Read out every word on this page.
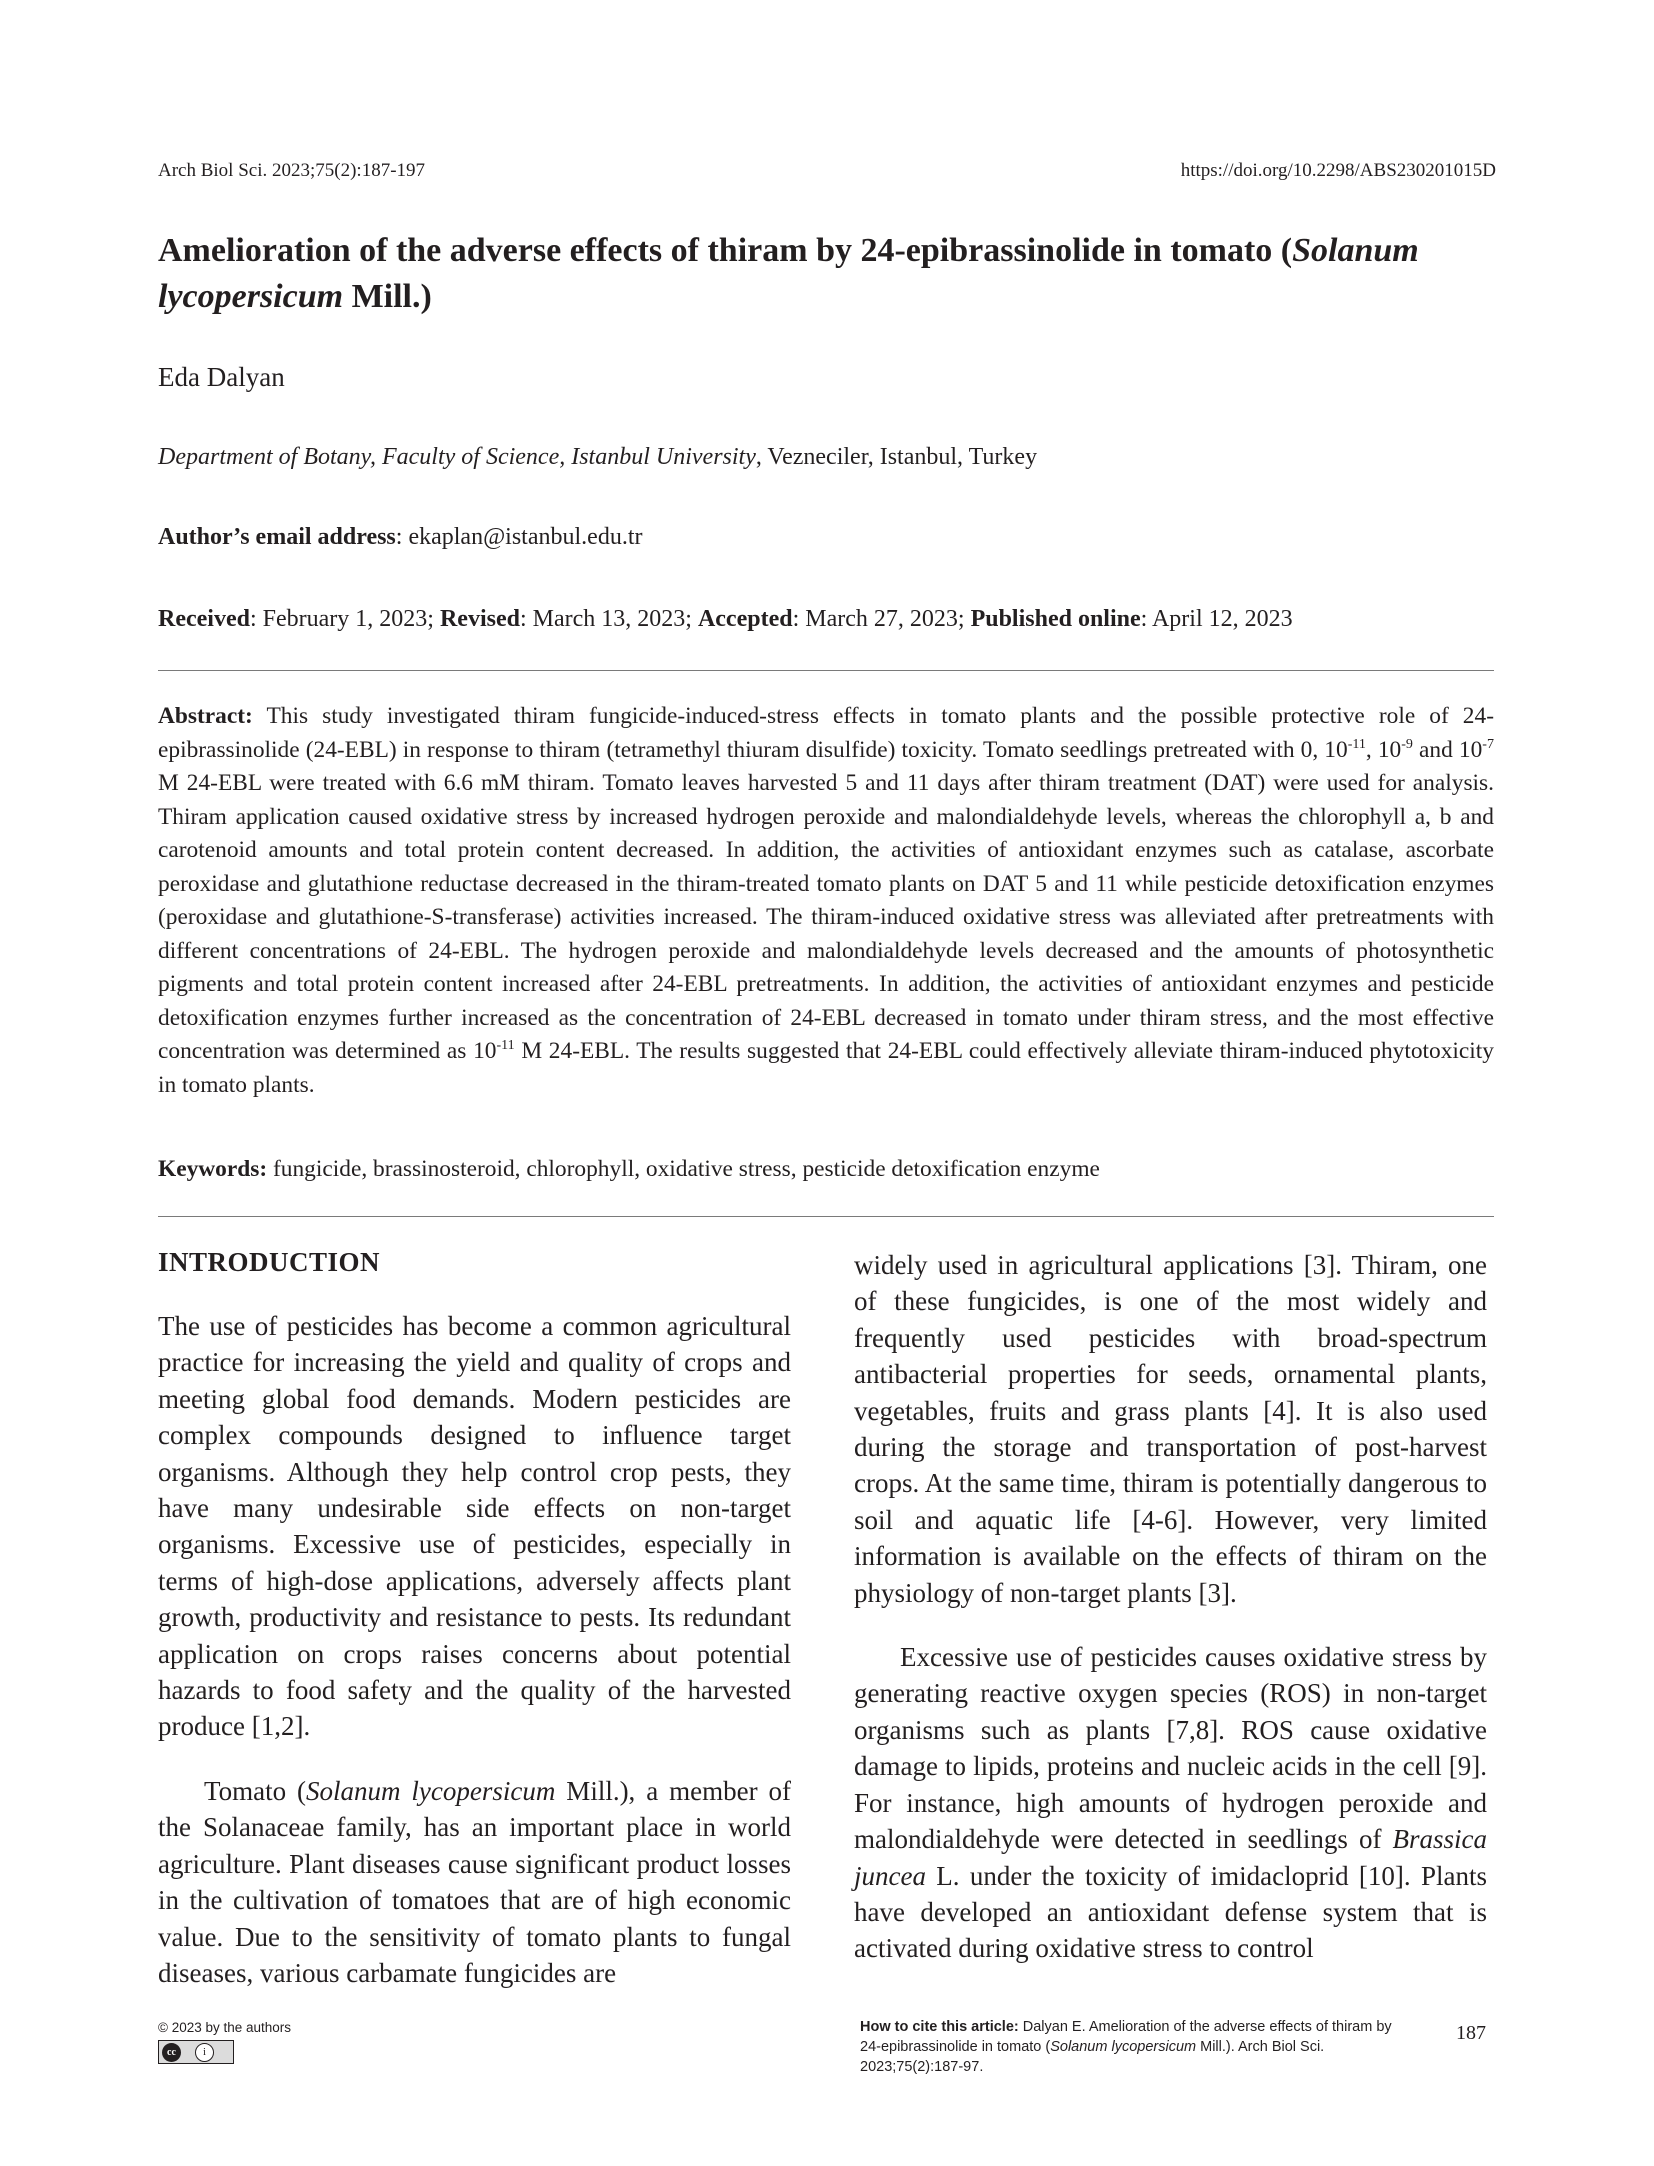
Arch Biol Sci. 2023;75(2):187-197	https://doi.org/10.2298/ABS230201015D
Amelioration of the adverse effects of thiram by 24-epibrassinolide in tomato (Solanum lycopersicum Mill.)
Eda Dalyan
Department of Botany, Faculty of Science, Istanbul University, Vezneciler, Istanbul, Turkey
Author’s email address: ekaplan@istanbul.edu.tr
Received: February 1, 2023; Revised: March 13, 2023; Accepted: March 27, 2023; Published online: April 12, 2023
Abstract: This study investigated thiram fungicide-induced-stress effects in tomato plants and the possible protective role of 24-epibrassinolide (24-EBL) in response to thiram (tetramethyl thiuram disulfide) toxicity. Tomato seedlings pretreated with 0, $10^{-11}$, $10^{-9}$ and $10^{-7}$ M 24-EBL were treated with 6.6 mM thiram. Tomato leaves harvested 5 and 11 days after thiram treatment (DAT) were used for analysis. Thiram application caused oxidative stress by increased hydrogen peroxide and malondialdehyde levels, whereas the chlorophyll a, b and carotenoid amounts and total protein content decreased. In addition, the activities of antioxidant enzymes such as catalase, ascorbate peroxidase and glutathione reductase decreased in the thiram-treated tomato plants on DAT 5 and 11 while pesticide detoxification enzymes (peroxidase and glutathione-S-transferase) activities increased. The thiram-induced oxidative stress was alleviated after pretreatments with different concentrations of 24-EBL. The hydrogen peroxide and malondialdehyde levels decreased and the amounts of photosynthetic pigments and total protein content increased after 24-EBL pretreatments. In addition, the activities of antioxidant enzymes and pesticide detoxification enzymes further increased as the concentration of 24-EBL decreased in tomato under thiram stress, and the most effective concentration was determined as $10^{-11}$ M 24-EBL. The results suggested that 24-EBL could effectively alleviate thiram-induced phytotoxicity in tomato plants.
Keywords: fungicide, brassinosteroid, chlorophyll, oxidative stress, pesticide detoxification enzyme
INTRODUCTION

The use of pesticides has become a common agricultural practice for increasing the yield and quality of crops and meeting global food demands. Modern pesticides are complex compounds designed to influence target organisms. Although they help control crop pests, they have many undesirable side effects on non-target organisms. Excessive use of pesticides, especially in terms of high-dose applications, adversely affects plant growth, productivity and resistance to pests. Its redundant application on crops raises concerns about potential hazards to food safety and the quality of the harvested produce [1,2].

Tomato (Solanum lycopersicum Mill.), a member of the Solanaceae family, has an important place in world agriculture. Plant diseases cause significant product losses in the cultivation of tomatoes that are of high economic value. Due to the sensitivity of tomato plants to fungal diseases, various carbamate fungicides are

widely used in agricultural applications [3]. Thiram, one of these fungicides, is one of the most widely and frequently used pesticides with broad-spectrum antibacterial properties for seeds, ornamental plants, vegetables, fruits and grass plants [4]. It is also used during the storage and transportation of post-harvest crops. At the same time, thiram is potentially dangerous to soil and aquatic life [4-6]. However, very limited information is available on the effects of thiram on the physiology of non-target plants [3].

Excessive use of pesticides causes oxidative stress by generating reactive oxygen species (ROS) in non-target organisms such as plants [7,8]. ROS cause oxidative damage to lipids, proteins and nucleic acids in the cell [9]. For instance, high amounts of hydrogen peroxide and malondialdehyde were detected in seedlings of Brassica juncea L. under the toxicity of imidacloprid [10]. Plants have developed an antioxidant defense system that is activated during oxidative stress to control

© 2023 by the authors
cc	i
How to cite this article: Dalyan E. Amelioration of the adverse effects of thiram by 24-epibrassinolide in tomato (Solanum lycopersicum Mill.). Arch Biol Sci. 2023;75(2):187-97.
187
